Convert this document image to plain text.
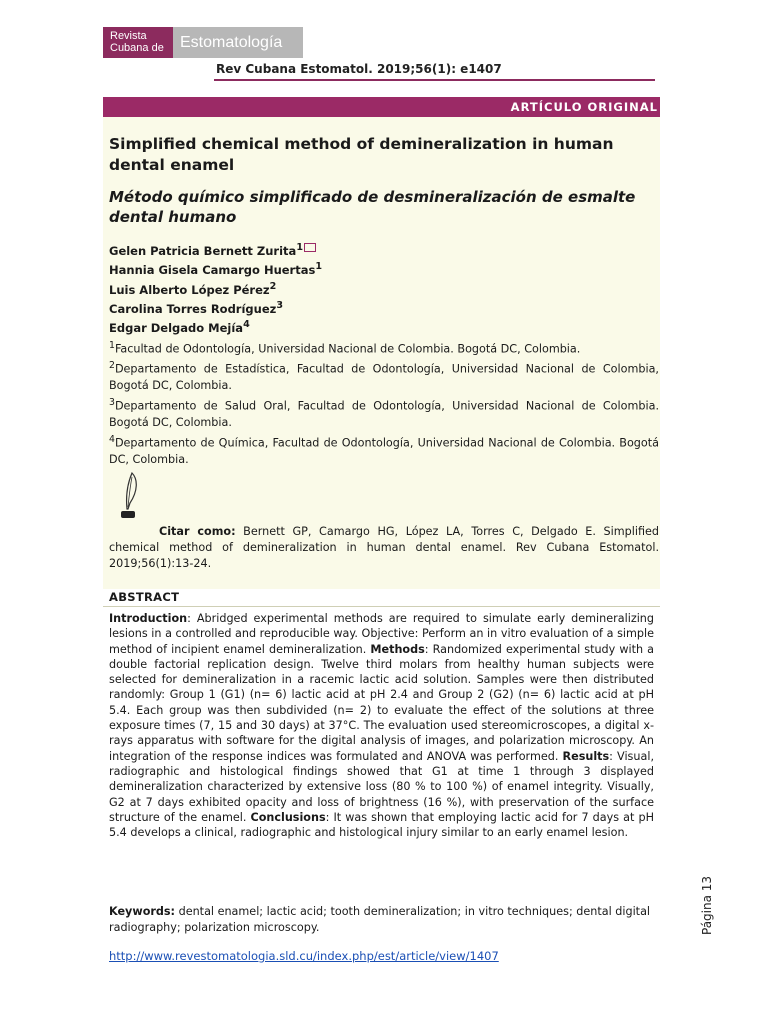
Revista
Cubana de	Estomatología
Rev Cubana Estomatol. 2019;56(1): e1407
ARTÍCULO ORIGINAL
Simplified chemical method of demineralization in human dental enamel
Método químico simplificado de desmineralización de esmalte dental humano
Gelen Patricia Bernett Zurita$^1$
Hannia Gisela Camargo Huertas$^1$
Luis Alberto López Pérez$^2$
Carolina Torres Rodríguez$^3$
Edgar Delgado Mejía$^4$

$^1$Facultad de Odontología, Universidad Nacional de Colombia. Bogotá DC, Colombia.

$^2$Departamento de Estadística, Facultad de Odontología, Universidad Nacional de Colombia, Bogotá DC, Colombia.

$^3$Departamento de Salud Oral, Facultad de Odontología, Universidad Nacional de Colombia. Bogotá DC, Colombia.

$^4$Departamento de Química, Facultad de Odontología, Universidad Nacional de Colombia. Bogotá DC, Colombia.

Citar como: Bernett GP, Camargo HG, López LA, Torres C, Delgado E. Simplified chemical method of demineralization in human dental enamel. Rev Cubana Estomatol. 2019;56(1):13-24.

ABSTRACT

Introduction: Abridged experimental methods are required to simulate early demineralizing lesions in a controlled and reproducible way. Objective: Perform an in vitro evaluation of a simple method of incipient enamel demineralization. Methods: Randomized experimental study with a double factorial replication design. Twelve third molars from healthy human subjects were selected for demineralization in a racemic lactic acid solution. Samples were then distributed randomly: Group 1 (G1) (n= 6) lactic acid at pH 2.4 and Group 2 (G2) (n= 6) lactic acid at pH 5.4. Each group was then subdivided (n= 2) to evaluate the effect of the solutions at three exposure times (7, 15 and 30 days) at 37°C. The evaluation used stereomicroscopes, a digital x-rays apparatus with software for the digital analysis of images, and polarization microscopy. An integration of the response indices was formulated and ANOVA was performed. Results: Visual, radiographic and histological findings showed that G1 at time 1 through 3 displayed demineralization characterized by extensive loss (80 % to 100 %) of enamel integrity. Visually, G2 at 7 days exhibited opacity and loss of brightness (16 %), with preservation of the surface structure of the enamel. Conclusions: It was shown that employing lactic acid for 7 days at pH 5.4 develops a clinical, radiographic and histological injury similar to an early enamel lesion.

Keywords: dental enamel; lactic acid; tooth demineralization; in vitro techniques; dental digital radiography; polarization microscopy.

http://www.revestomatologia.sld.cu/index.php/est/article/view/1407
Página 13
